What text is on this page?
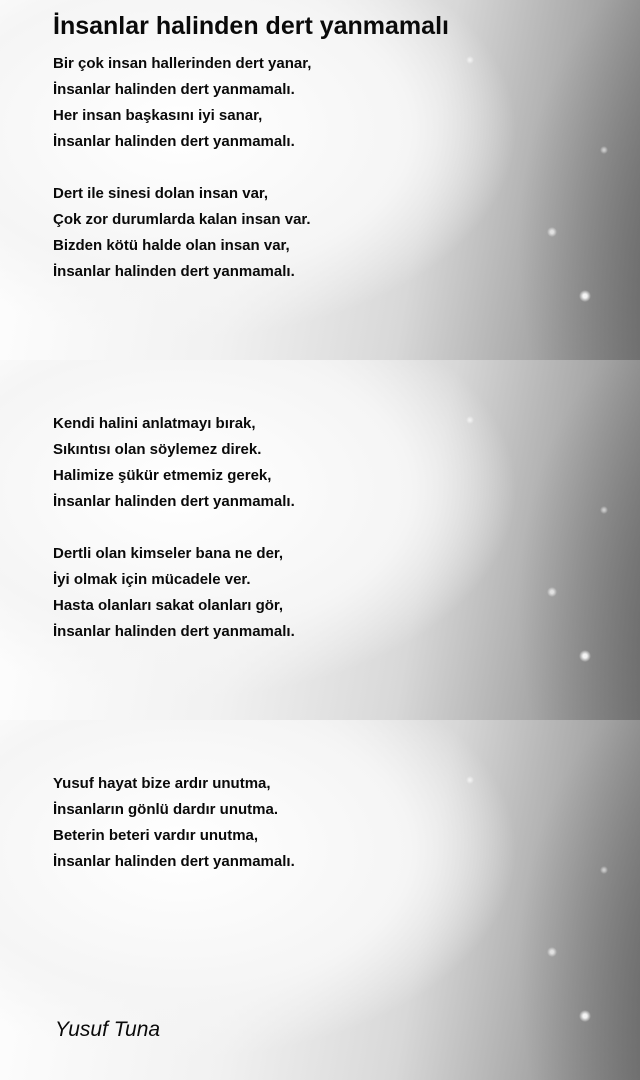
İnsanlar halinden dert yanmamalı
Bir çok insan hallerinden dert yanar,
İnsanlar halinden dert yanmamalı.
Her insan başkasını iyi sanar,
İnsanlar halinden dert yanmamalı.
Dert ile sinesi dolan insan var,
Çok zor durumlarda kalan insan var.
Bizden kötü halde olan insan var,
İnsanlar halinden dert yanmamalı.
Kendi halini anlatmayı bırak,
Sıkıntısı olan söylemez direk.
Halimize şükür etmemiz gerek,
İnsanlar halinden dert yanmamalı.
Dertli olan kimseler bana ne der,
İyi olmak için mücadele ver.
Hasta olanları sakat olanları gör,
İnsanlar halinden dert yanmamalı.
Yusuf hayat bize ardır unutma,
İnsanların gönlü dardır unutma.
Beterin beteri vardır unutma,
İnsanlar halinden dert yanmamalı.
Yusuf Tuna
